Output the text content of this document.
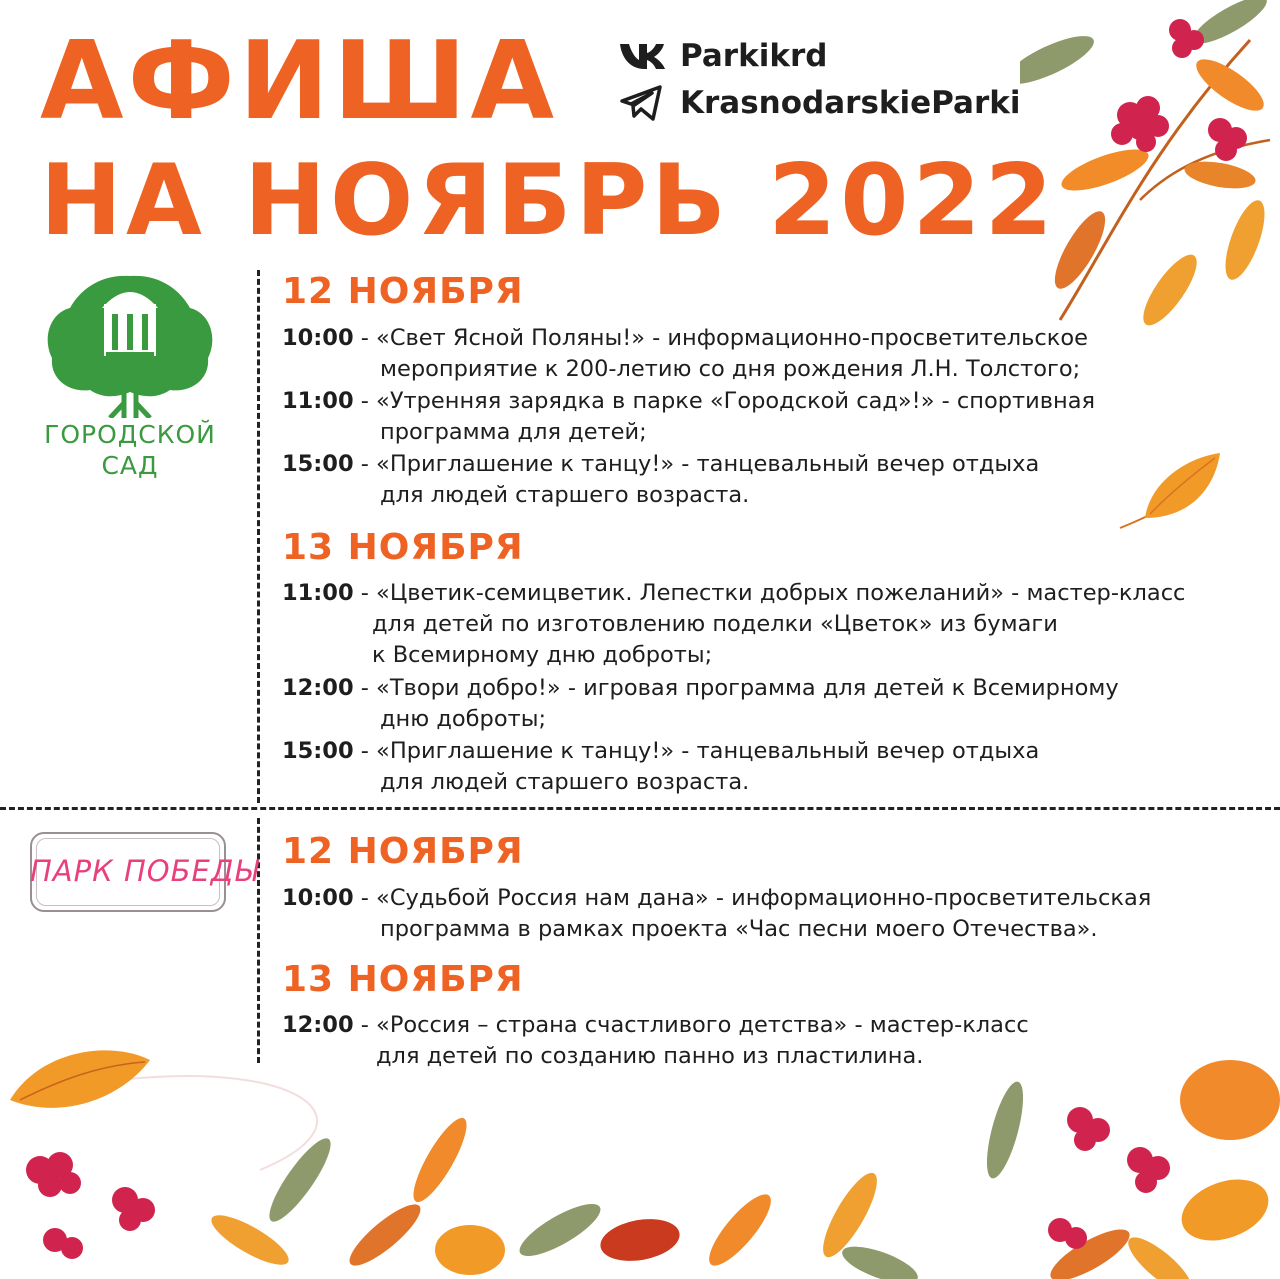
АФИША
НА НОЯБРЬ 2022
Parkikrd
KrasnodarskieParki
ГОРОДСКОЙ
САД
ПАРК ПОБЕДЫ
12 НОЯБРЯ
10:00 - «Свет Ясной Поляны!» - информационно-просветительское
мероприятие к 200-летию со дня рождения Л.Н. Толстого;
11:00 - «Утренняя зарядка в парке «Городской сад»!» - спортивная
программа для детей;
15:00 - «Приглашение к танцу!» - танцевальный вечер отдыха
для людей старшего возраста.
13 НОЯБРЯ
11:00 - «Цветик-семицветик. Лепестки добрых пожеланий» - мастер-класс
для детей по изготовлению поделки «Цветок» из бумаги
к Всемирному дню доброты;
12:00 - «Твори добро!» - игровая программа для детей к Всемирному
дню доброты;
15:00 - «Приглашение к танцу!» - танцевальный вечер отдыха
для людей старшего возраста.
12 НОЯБРЯ
10:00 - «Судьбой Россия нам дана» - информационно-просветительская
программа в рамках проекта «Час песни моего Отечества».
13 НОЯБРЯ
12:00 - «Россия – страна счастливого детства» - мастер-класс
для детей по созданию панно из пластилина.
